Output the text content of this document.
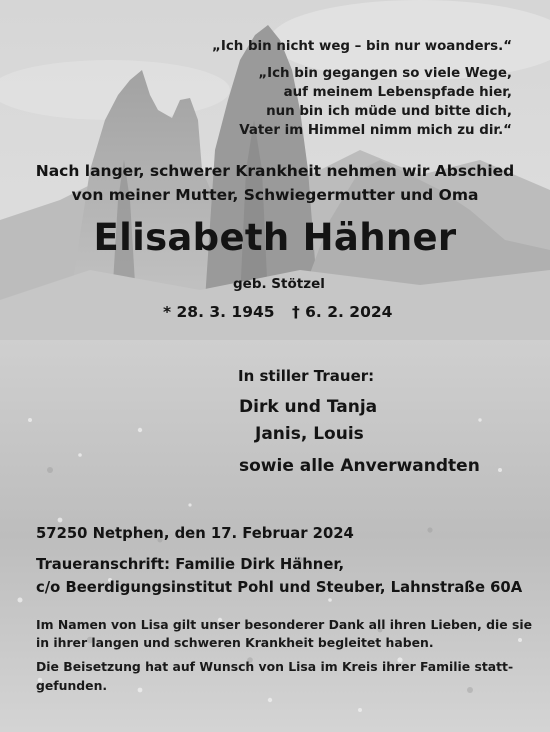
„Ich bin nicht weg – bin nur woanders.“

„Ich bin gegangen so viele Wege,

auf meinem Lebenspfade hier,

nun bin ich müde und bitte dich,

Vater im Himmel nimm mich zu dir.“

Nach langer, schwerer Krankheit nehmen wir Abschied

von meiner Mutter, Schwiegermutter und Oma

Elisabeth Hähner

geb. Stötzel

* 28. 3. 1945 † 6. 2. 2024

In stiller Trauer:

Dirk und Tanja

Janis, Louis

sowie alle Anverwandten

57250 Netphen, den 17. Februar 2024

Traueranschrift: Familie Dirk Hähner,

c/o Beerdigungsinstitut Pohl und Steuber, Lahnstraße 60A

Im Namen von Lisa gilt unser besonderer Dank all ihren Lieben, die sie

in ihrer langen und schweren Krankheit begleitet haben.

Die Beisetzung hat auf Wunsch von Lisa im Kreis ihrer Familie statt-

gefunden.
